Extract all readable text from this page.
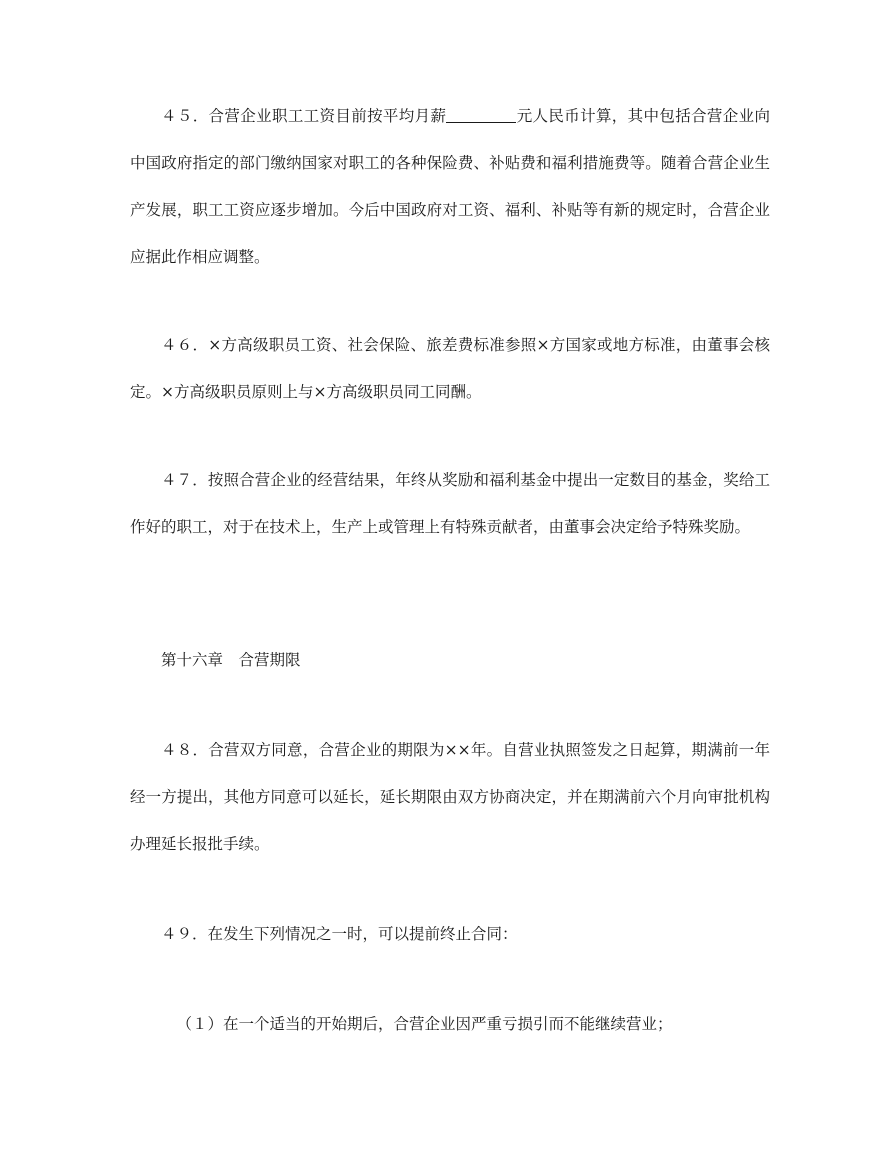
４５．合营企业职工工资目前按平均月薪	元人民币计算，其中包括合营企业向中国政府指定的部门缴纳国家对职工的各种保险费、补贴费和福利措施费等。随着合营企业生产发展，职工工资应逐步增加。今后中国政府对工资、福利、补贴等有新的规定时，合营企业应据此作相应调整。

４６．×方高级职员工资、社会保险、旅差费标准参照×方国家或地方标准，由董事会核定。×方高级职员原则上与×方高级职员同工同酬。

４７．按照合营企业的经营结果，年终从奖励和福利基金中提出一定数目的基金，奖给工作好的职工，对于在技术上，生产上或管理上有特殊贡献者，由董事会决定给予特殊奖励。

第十六章　合营期限

４８．合营双方同意，合营企业的期限为××年。自营业执照签发之日起算，期满前一年经一方提出，其他方同意可以延长，延长期限由双方协商决定，并在期满前六个月向审批机构办理延长报批手续。

４９．在发生下列情况之一时，可以提前终止合同：

（１）在一个适当的开始期后，合营企业因严重亏损引而不能继续营业；
